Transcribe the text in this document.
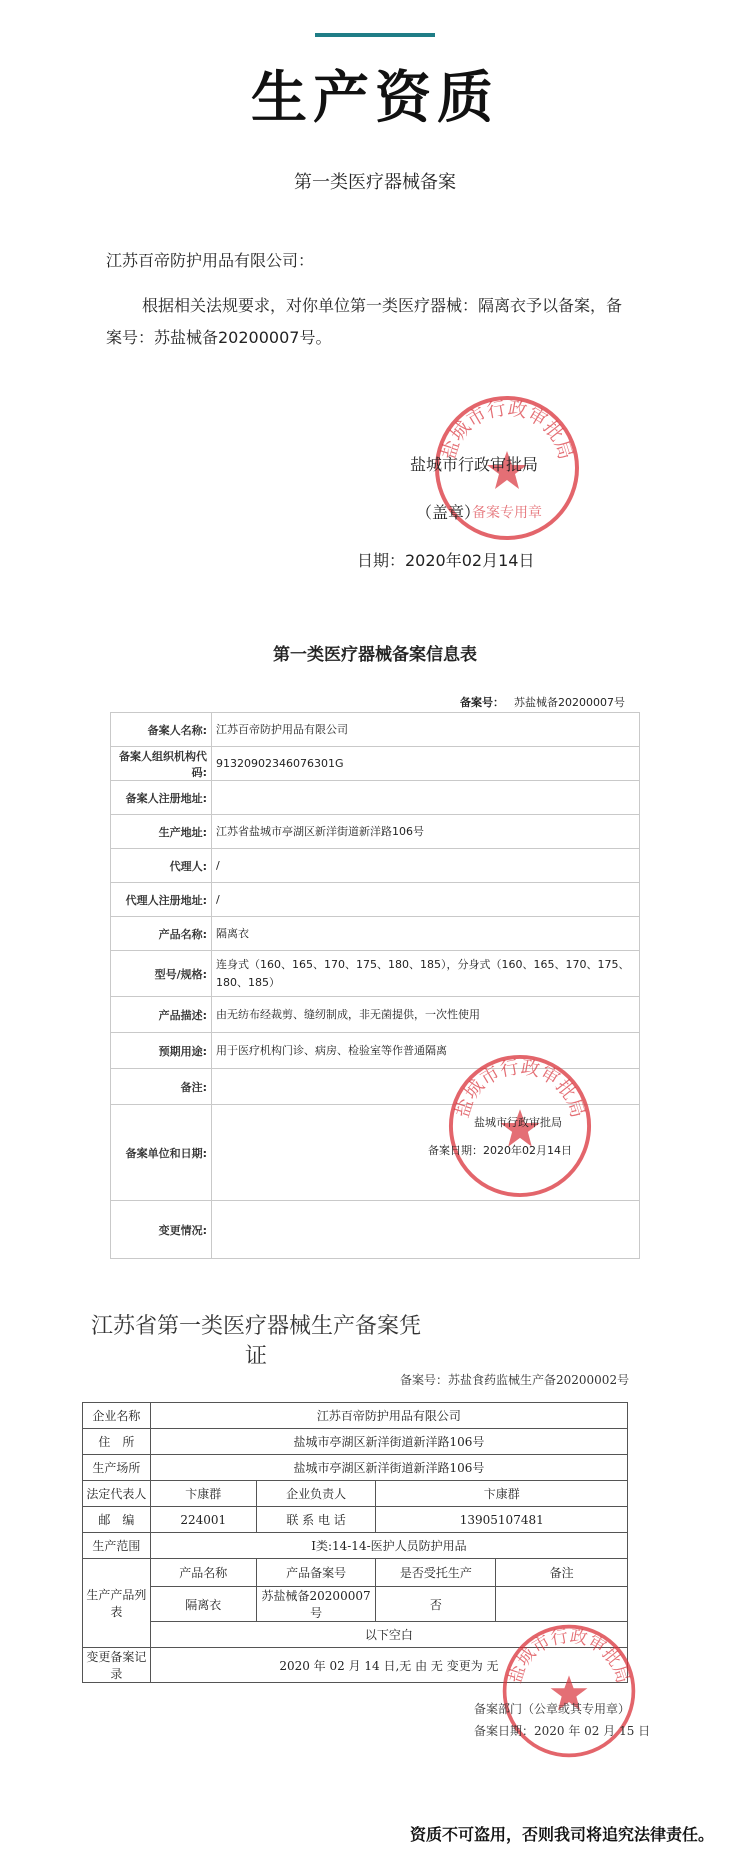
生产资质
第一类医疗器械备案
江苏百帝防护用品有限公司：
根据相关法规要求，对你单位第一类医疗器械：隔离衣予以备案，备案号：苏盐械备20200007号。
盐城市行政审批局
备案专用章
盐城市行政审批局
（盖章）
日期：2020年02月14日
第一类医疗器械备案信息表
备案号： 苏盐械备20200007号
备案人名称:	江苏百帝防护用品有限公司
备案人组织机构代码:	91320902346076301G
备案人注册地址:	
生产地址:	江苏省盐城市亭湖区新洋街道新洋路106号
代理人:	/
代理人注册地址:	/
产品名称:	隔离衣
型号/规格:	连身式（160、165、170、175、180、185），分身式（160、165、170、175、180、185）
产品描述:	由无纺布经裁剪、缝纫制成，非无菌提供，一次性使用
预期用途:	用于医疗机构门诊、病房、检验室等作普通隔离
备注:	
备案单位和日期:	
变更情况:	
盐城市行政审批局
盐城市行政审批局
备案日期：2020年02月14日
江苏省第一类医疗器械生产备案凭证
备案号：苏盐食药监械生产备20200002号
企业名称	江苏百帝防护用品有限公司			
住　所	盐城市亭湖区新洋街道新洋路106号			
生产场所	盐城市亭湖区新洋街道新洋路106号			
法定代表人	卞康群	企业负责人	卞康群	
邮　编	224001	联 系 电 话	13905107481	
生产范围	Ⅰ类:14-14-医护人员防护用品			
生产产品列表	产品名称	产品备案号	是否受托生产	备注
	隔离衣	苏盐械备20200007号	否	
	以下空白			
变更备案记　录	2020 年 02 月 14 日,无 由 无 变更为 无			盐城市行政审批局
备案部门（公章或其专用章）
备案日期：2020 年 02 月 15 日
资质不可盗用，否则我司将追究法律责任。
